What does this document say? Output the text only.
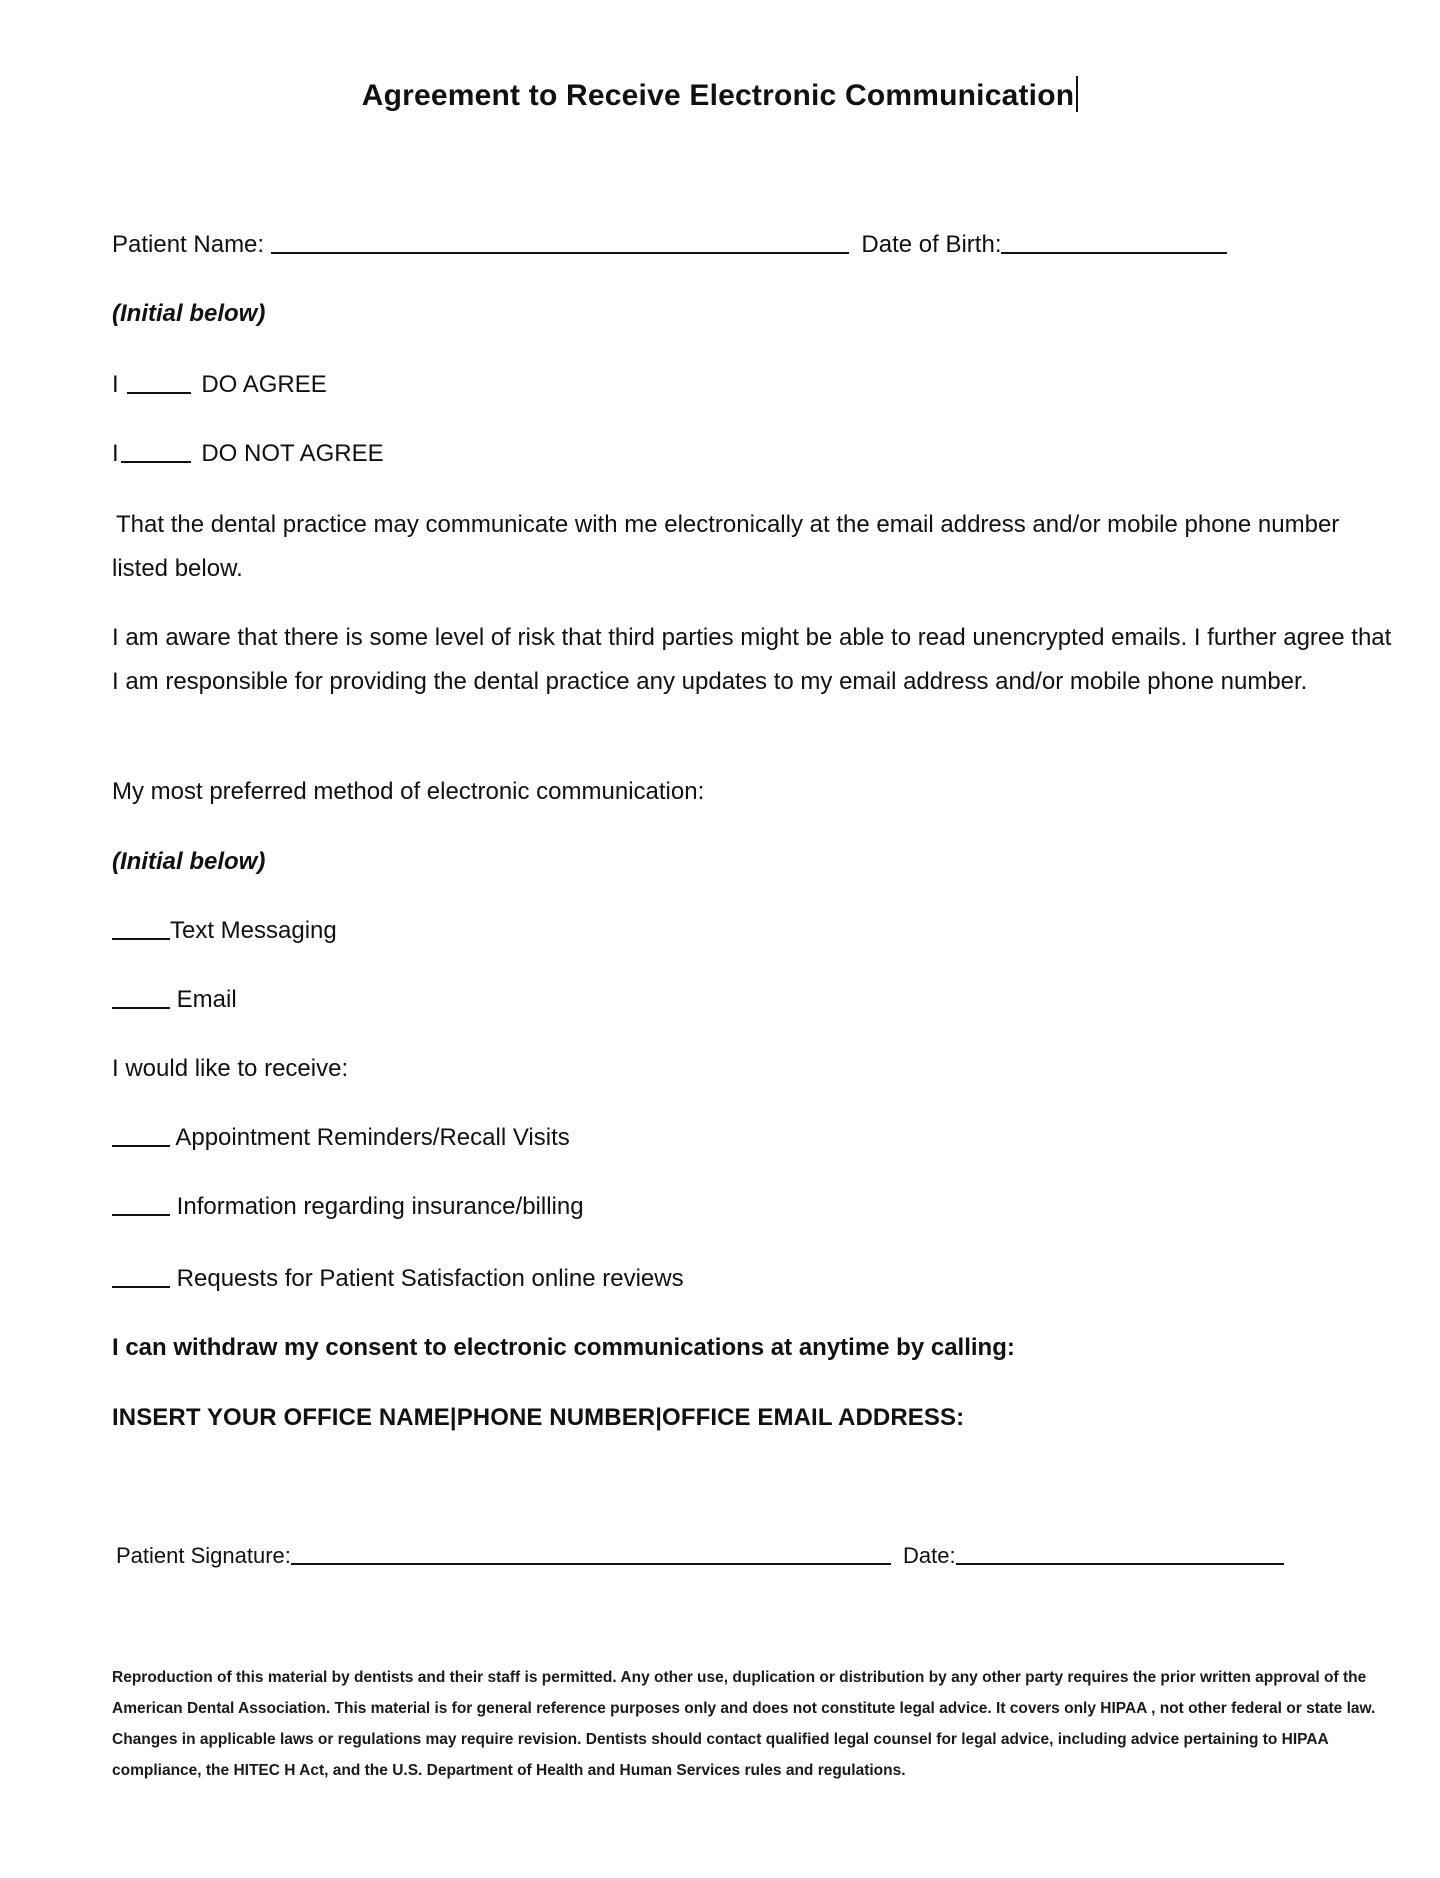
Agreement to Receive Electronic Communication
Patient Name:	Date of Birth:
(Initial below)
I	DO AGREE
I	DO NOT AGREE
That the dental practice may communicate with me electronically at the email address and/or mobile phone number listed below.
I am aware that there is some level of risk that third parties might be able to read unencrypted emails. I further agree that I am responsible for providing the dental practice any updates to my email address and/or mobile phone number.
My most preferred method of electronic communication:
(Initial below)
Text Messaging
Email
I would like to receive:
Appointment Reminders/Recall Visits
Information regarding insurance/billing
Requests for Patient Satisfaction online reviews
I can withdraw my consent to electronic communications at anytime by calling:
INSERT YOUR OFFICE NAME|PHONE NUMBER|OFFICE EMAIL ADDRESS:
Patient Signature:	Date:
Reproduction of this material by dentists and their staff is permitted. Any other use, duplication or distribution by any other party requires the prior written approval of the American Dental Association. This material is for general reference purposes only and does not constitute legal advice. It covers only HIPAA , not other federal or state law. Changes in applicable laws or regulations may require revision. Dentists should contact qualified legal counsel for legal advice, including advice pertaining to HIPAA compliance, the HITEC H Act, and the U.S. Department of Health and Human Services rules and regulations.
